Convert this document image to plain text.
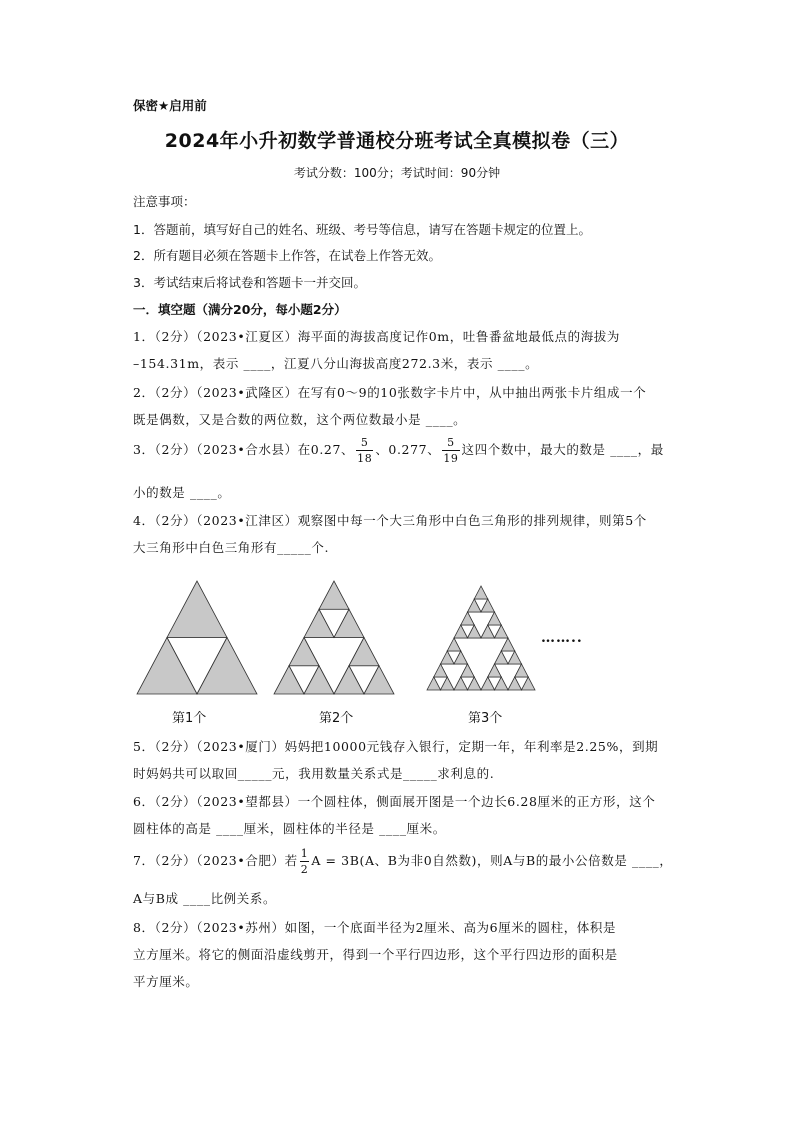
保密★启用前
2024年小升初数学普通校分班考试全真模拟卷（三）
考试分数：100分；考试时间：90分钟
注意事项：
1．答题前，填写好自己的姓名、班级、考号等信息，请写在答题卡规定的位置上。
2．所有题目必须在答题卡上作答，在试卷上作答无效。
3．考试结束后将试卷和答题卡一并交回。
一．填空题（满分20分，每小题2分）
1．（2分）（2023•江夏区）海平面的海拔高度记作0m，吐鲁番盆地最低点的海拔为
–154.31m，表示 ____，江夏八分山海拔高度272.3米，表示 ____。
2．（2分）（2023•武隆区）在写有0～9的10张数字卡片中，从中抽出两张卡片组成一个
既是偶数，又是合数的两位数，这个两位数最小是 ____。
3．（2分）（2023•合水县）在0.27、 $\frac{5}{18}$ 、0.277、 $\frac{5}{19}$ 这四个数中，最大的数是 ____，最
小的数是 ____。
4．（2分）（2023•江津区）观察图中每一个大三角形中白色三角形的排列规律，则第5个
大三角形中白色三角形有_____个.
……..
第1个	第2个	第3个
5．（2分）（2023•厦门）妈妈把10000元钱存入银行，定期一年，年利率是2.25%，到期
时妈妈共可以取回_____元，我用数量关系式是_____求利息的.
6．（2分）（2023•望都县）一个圆柱体，侧面展开图是一个边长6.28厘米的正方形，这个
圆柱体的高是 ____厘米，圆柱体的半径是 ____厘米。
7．（2分）（2023•合肥）若 $\frac{1}{2}$ A = 3B(A、B为非0自然数)，则A与B的最小公倍数是 ____，
A与B成 ____比例关系。
8．（2分）（2023•苏州）如图，一个底面半径为2厘米、高为6厘米的圆柱，体积是
立方厘米。将它的侧面沿虚线剪开，得到一个平行四边形，这个平行四边形的面积是
平方厘米。
